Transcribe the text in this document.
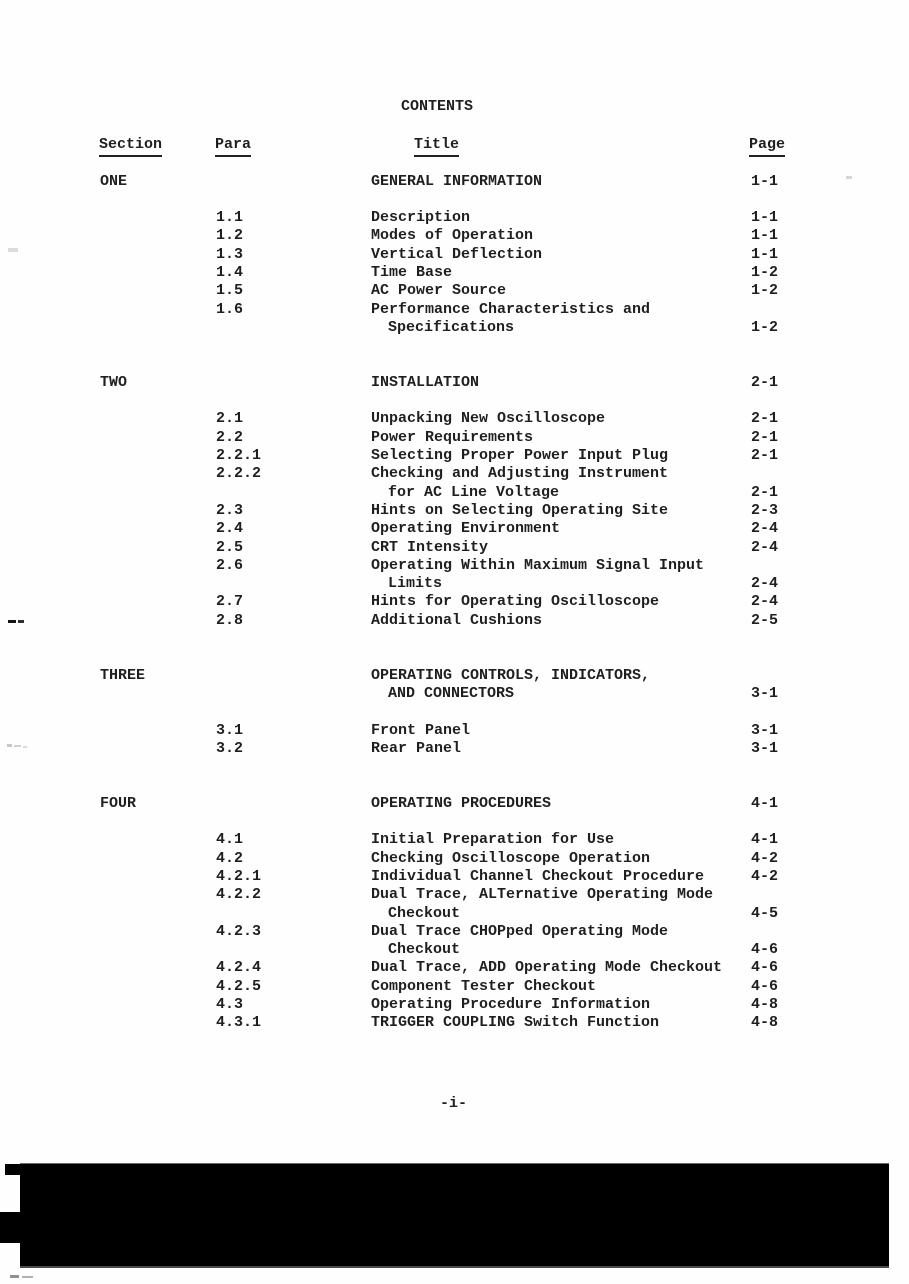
CONTENTS
Section	Para	Title	Page
ONE	GENERAL INFORMATION	1-1
1.1	Description	1-1
1.2	Modes of Operation	1-1
1.3	Vertical Deflection	1-1
1.4	Time Base	1-2
1.5	AC Power Source	1-2
1.6	Performance Characteristics and
Specifications	1-2
TWO	INSTALLATION	2-1
2.1	Unpacking New Oscilloscope	2-1
2.2	Power Requirements	2-1
2.2.1	Selecting Proper Power Input Plug	2-1
2.2.2	Checking and Adjusting Instrument
for AC Line Voltage	2-1
2.3	Hints on Selecting Operating Site	2-3
2.4	Operating Environment	2-4
2.5	CRT Intensity	2-4
2.6	Operating Within Maximum Signal Input
Limits	2-4
2.7	Hints for Operating Oscilloscope	2-4
2.8	Additional Cushions	2-5
THREE	OPERATING CONTROLS, INDICATORS,
AND CONNECTORS	3-1
3.1	Front Panel	3-1
3.2	Rear Panel	3-1
FOUR	OPERATING PROCEDURES	4-1
4.1	Initial Preparation for Use	4-1
4.2	Checking Oscilloscope Operation	4-2
4.2.1	Individual Channel Checkout Procedure	4-2
4.2.2	Dual Trace, ALTernative Operating Mode
Checkout	4-5
4.2.3	Dual Trace CHOPped Operating Mode
Checkout	4-6
4.2.4	Dual Trace, ADD Operating Mode Checkout 4-6
4.2.5	Component Tester Checkout	4-6
4.3	Operating Procedure Information	4-8
4.3.1	TRIGGER COUPLING Switch Function	4-8
-i-
